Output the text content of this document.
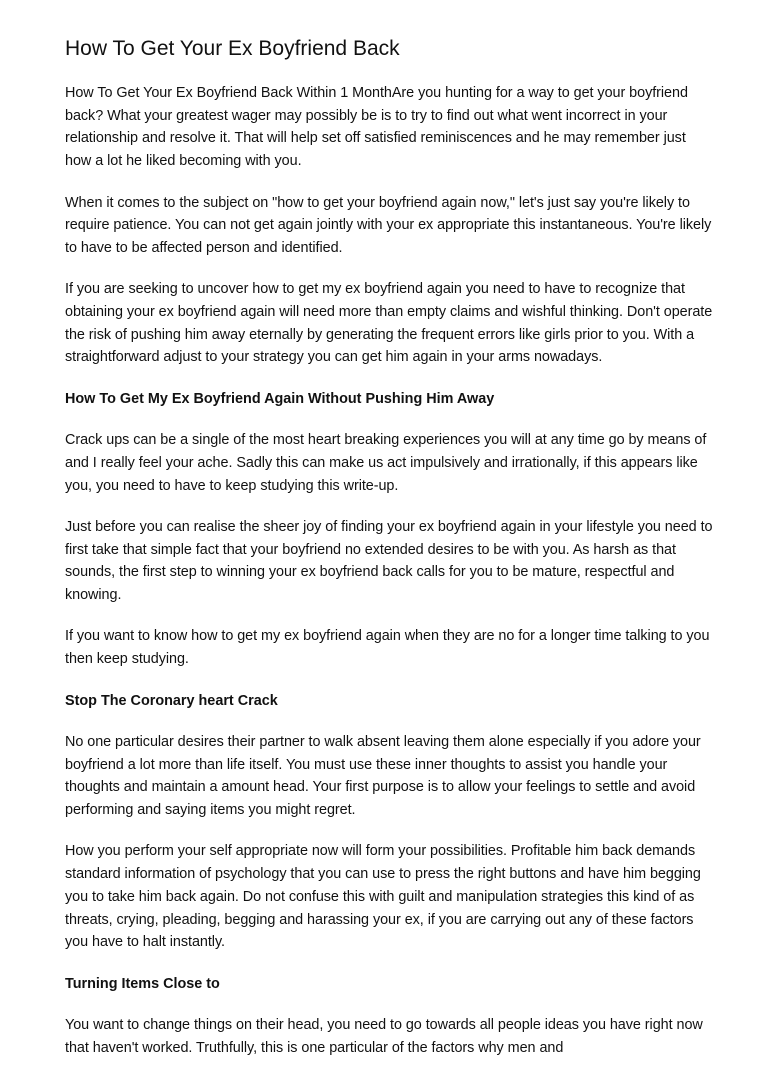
How To Get Your Ex Boyfriend Back

How To Get Your Ex Boyfriend Back Within 1 MonthAre you hunting for a way to get your boyfriend back? What your greatest wager may possibly be is to try to find out what went incorrect in your relationship and resolve it. That will help set off satisfied reminiscences and he may remember just how a lot he liked becoming with you.

When it comes to the subject on "how to get your boyfriend again now," let's just say you're likely to require patience. You can not get again jointly with your ex appropriate this instantaneous. You're likely to have to be affected person and identified.

If you are seeking to uncover how to get my ex boyfriend again you need to have to recognize that obtaining your ex boyfriend again will need more than empty claims and wishful thinking. Don't operate the risk of pushing him away eternally by generating the frequent errors like girls prior to you. With a straightforward adjust to your strategy you can get him again in your arms nowadays.

How To Get My Ex Boyfriend Again Without Pushing Him Away

Crack ups can be a single of the most heart breaking experiences you will at any time go by means of and I really feel your ache. Sadly this can make us act impulsively and irrationally, if this appears like you, you need to have to keep studying this write-up.

Just before you can realise the sheer joy of finding your ex boyfriend again in your lifestyle you need to first take that simple fact that your boyfriend no extended desires to be with you. As harsh as that sounds, the first step to winning your ex boyfriend back calls for you to be mature, respectful and knowing.

If you want to know how to get my ex boyfriend again when they are no for a longer time talking to you then keep studying.

Stop The Coronary heart Crack

No one particular desires their partner to walk absent leaving them alone especially if you adore your boyfriend a lot more than life itself. You must use these inner thoughts to assist you handle your thoughts and maintain a amount head. Your first purpose is to allow your feelings to settle and avoid performing and saying items you might regret.

How you perform your self appropriate now will form your possibilities. Profitable him back demands standard information of psychology that you can use to press the right buttons and have him begging you to take him back again. Do not confuse this with guilt and manipulation strategies this kind of as threats, crying, pleading, begging and harassing your ex, if you are carrying out any of these factors you have to halt instantly.

Turning Items Close to

You want to change things on their head, you need to go towards all people ideas you have right now that haven't worked. Truthfully, this is one particular of the factors why men and
